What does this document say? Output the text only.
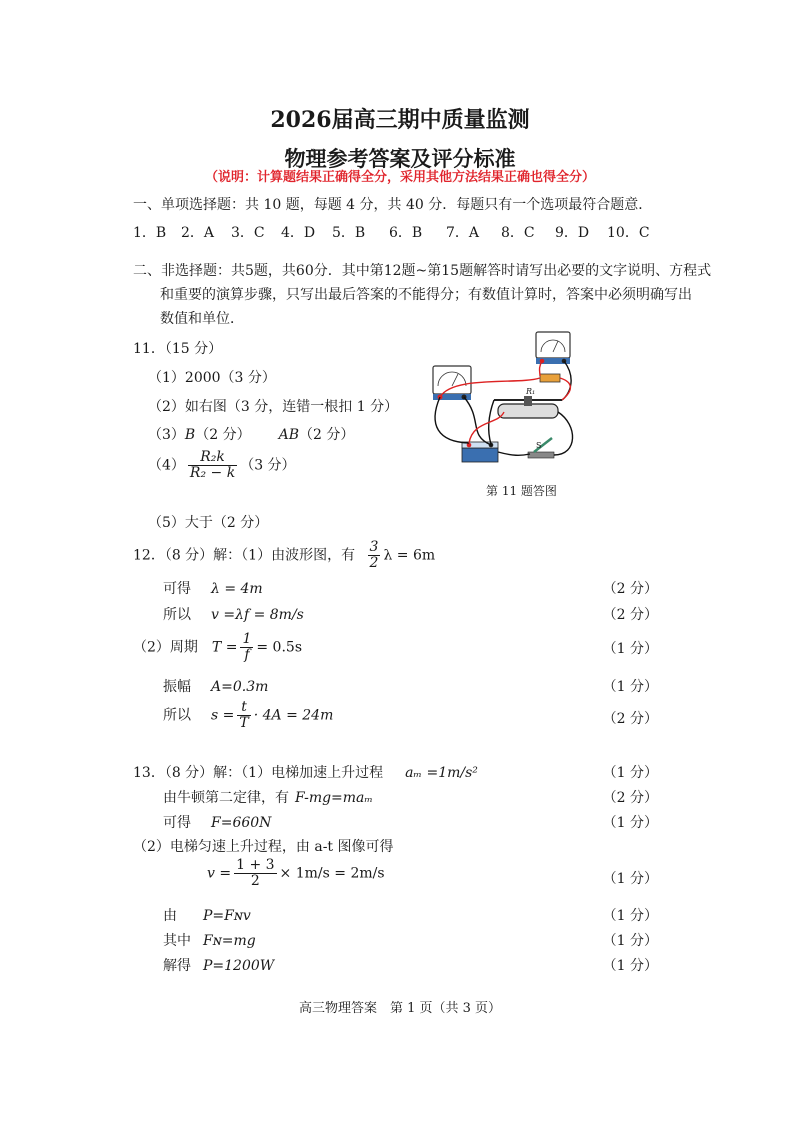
2026届高三期中质量监测
物理参考答案及评分标准
（说明：计算题结果正确得全分，采用其他方法结果正确也得全分）
一、单项选择题：共 10 题，每题 4 分，共 40 分．每题只有一个选项最符合题意．
1．B 2．A 3．C 4．D 5．B 6．B 7．A 8．C 9．D 10．C
二、非选择题：共5题，共60分．其中第12题~第15题解答时请写出必要的文字说明、方程式
和重要的演算步骤，只写出最后答案的不能得分；有数值计算时，答案中必须明确写出
数值和单位．
11．（15 分）
（1）2000（3 分）
（2）如右图（3 分，连错一根扣 1 分）
（3）B（2 分） AB（2 分）
$(4) \frac{\text{R₂k}}{\text{R₂ − k}} (3$ 分）
（5）大于（2 分）
R₁
S
第 11 题答图
12．（8 分）解：（1）由波形图，有 $\frac{3}{2}$ λ = 6m
可得 λ = 4m	（2 分）
所以 v =λf = 8m/s	（2 分）
（2）周期 $T = \frac{1}{f} = 0.5s$	（1 分）
振幅 A=0.3m	（1 分）
所以 $s = \frac{t}{T} \cdot 4A = 24m$	（2 分）
13．（8 分）解：（1）电梯加速上升过程 aₘ =1m/s²	（1 分）
由牛顿第二定律，有 F-mg=maₘ	（2 分）
可得 F=660N	（1 分）
（2）电梯匀速上升过程，由 a-t 图像可得
$v = \frac{1 + 3}{2} \times 1m/s = 2m/s$	（1 分）
由 P=Fɴv	（1 分）
其中 Fɴ=mg	（1 分）
解得 P=1200W	（1 分）
高三物理答案　第 1 页（共 3 页）
